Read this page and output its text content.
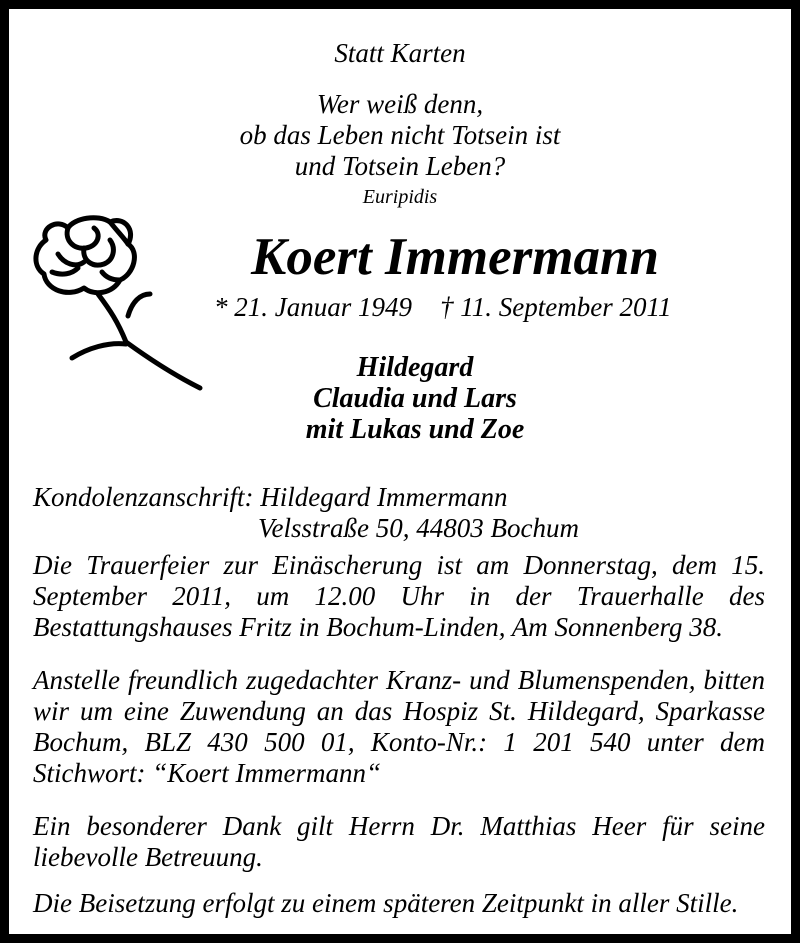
Statt Karten

Wer weiß denn,
ob das Leben nicht Totsein ist
und Totsein Leben?

Euripidis

Koert Immermann

* 21. Januar 1949 † 11. September 2011

Hildegard
Claudia und Lars
mit Lukas und Zoe

Kondolenzanschrift: Hildegard Immermann

Velsstraße 50, 44803 Bochum

Die Trauerfeier zur Einäscherung ist am Donnerstag, dem 15. September 2011, um 12.00 Uhr in der Trauerhalle des Bestattungshauses Fritz in Bochum-Linden, Am Sonnenberg 38.

Anstelle freundlich zugedachter Kranz- und Blumenspenden, bitten wir um eine Zuwendung an das Hospiz St. Hildegard, Sparkasse Bochum, BLZ 430 500 01, Konto-Nr.: 1 201 540 unter dem Stichwort: “Koert Immermann“

Ein besonderer Dank gilt Herrn Dr. Matthias Heer für seine liebevolle Betreuung.

Die Beisetzung erfolgt zu einem späteren Zeitpunkt in aller Stille.
